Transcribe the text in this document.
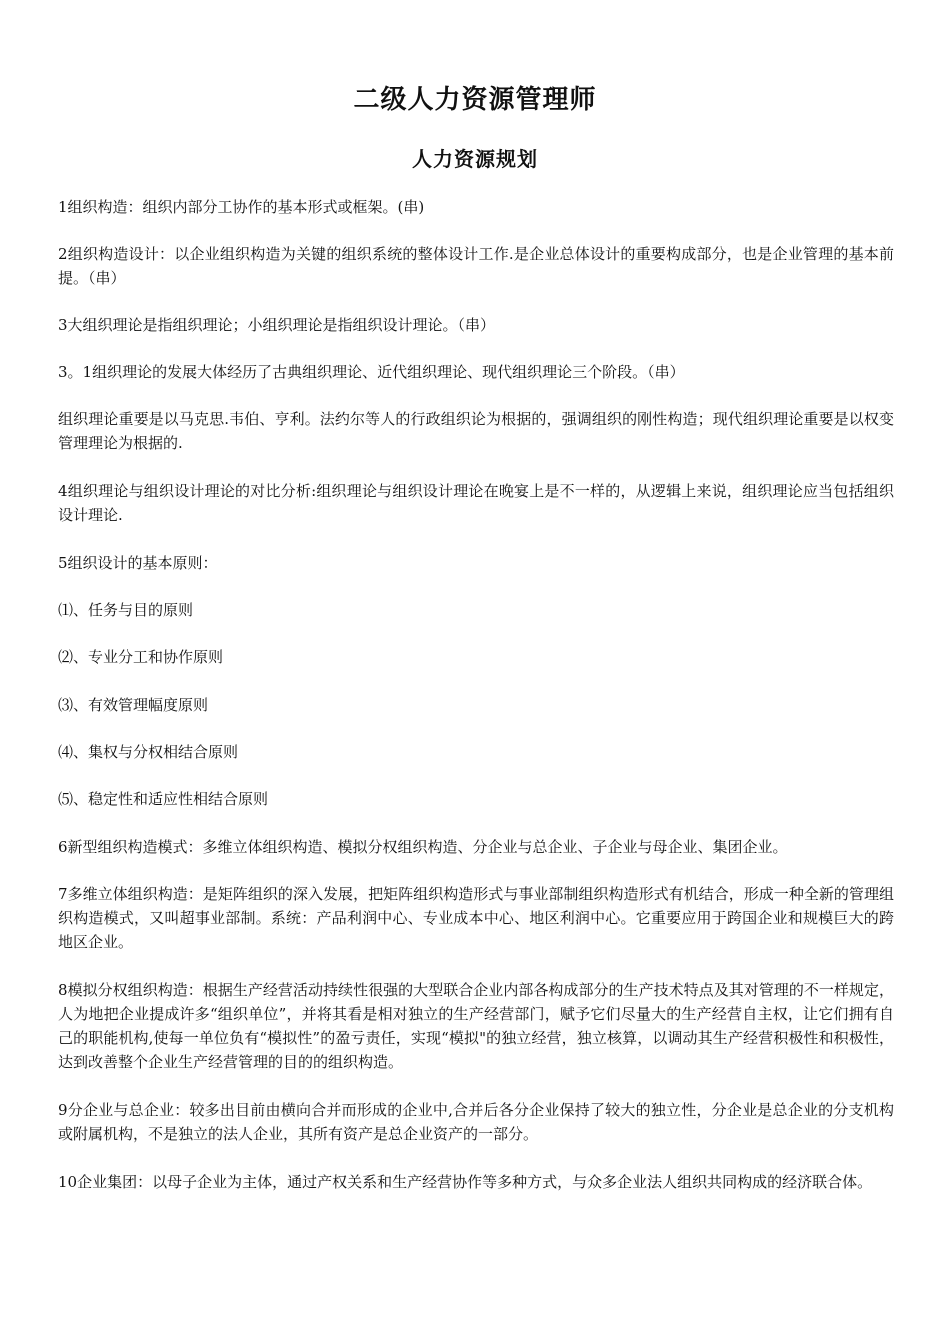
二级人力资源管理师
人力资源规划

1组织构造：组织内部分工协作的基本形式或框架。(串)

2组织构造设计：以企业组织构造为关键的组织系统的整体设计工作.是企业总体设计的重要构成部分，也是企业管理的基本前提。（串）

3大组织理论是指组织理论；小组织理论是指组织设计理论。（串）

3。1组织理论的发展大体经历了古典组织理论、近代组织理论、现代组织理论三个阶段。（串）

组织理论重要是以马克思.韦伯、亨利。法约尔等人的行政组织论为根据的，强调组织的刚性构造；现代组织理论重要是以权变管理理论为根据的.

4组织理论与组织设计理论的对比分析:组织理论与组织设计理论在晚宴上是不一样的，从逻辑上来说，组织理论应当包括组织设计理论.

5组织设计的基本原则：

⑴、任务与目的原则

⑵、专业分工和协作原则

⑶、有效管理幅度原则

⑷、集权与分权相结合原则

⑸、稳定性和适应性相结合原则

6新型组织构造模式：多维立体组织构造、模拟分权组织构造、分企业与总企业、子企业与母企业、集团企业。

7多维立体组织构造：是矩阵组织的深入发展，把矩阵组织构造形式与事业部制组织构造形式有机结合，形成一种全新的管理组织构造模式，又叫超事业部制。系统：产品利润中心、专业成本中心、地区利润中心。它重要应用于跨国企业和规模巨大的跨地区企业。

8模拟分权组织构造：根据生产经营活动持续性很强的大型联合企业内部各构成部分的生产技术特点及其对管理的不一样规定，人为地把企业提成许多“组织单位”，并将其看是相对独立的生产经营部门，赋予它们尽量大的生产经营自主权，让它们拥有自己的职能机构,使每一单位负有“模拟性”的盈亏责任，实现“模拟"的独立经营，独立核算，以调动其生产经营积极性和积极性，达到改善整个企业生产经营管理的目的的组织构造。

9分企业与总企业：较多出目前由横向合并而形成的企业中,合并后各分企业保持了较大的独立性，分企业是总企业的分支机构或附属机构，不是独立的法人企业，其所有资产是总企业资产的一部分。

10企业集团：以母子企业为主体，通过产权关系和生产经营协作等多种方式，与众多企业法人组织共同构成的经济联合体。
